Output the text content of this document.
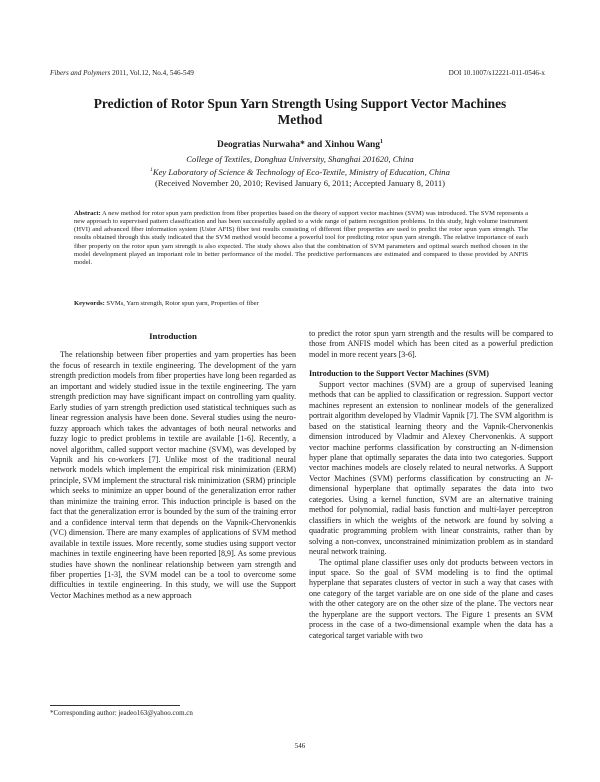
Fibers and Polymers 2011, Vol.12, No.4, 546-549	DOI 10.1007/s12221-011-0546-x
Prediction of Rotor Spun Yarn Strength Using Support Vector Machines Method
Deogratias Nurwaha* and Xinhou Wang$^1$
College of Textiles, Donghua University, Shanghai 201620, China
$^1$Key Laboratory of Science & Technology of Eco-Textile, Ministry of Education, China
(Received November 20, 2010; Revised January 6, 2011; Accepted January 8, 2011)
Abstract: A new method for rotor spun yarn prediction from fiber properties based on the theory of support vector machines (SVM) was introduced. The SVM represents a new approach to supervised pattern classification and has been successfully applied to a wide range of pattern recognition problems. In this study, high volume instrument (HVI) and advanced fiber information system (Uster AFIS) fiber test results consisting of different fiber properties are used to predict the rotor spun yarn strength. The results obtained through this study indicated that the SVM method would become a powerful tool for predicting rotor spun yarn strength. The relative importance of each fiber property on the rotor spun yarn strength is also expected. The study shows also that the combination of SVM parameters and optimal search method chosen in the model development played an important role in better performance of the model. The predictive performances are estimated and compared to those provided by ANFIS model.
Keywords: SVMs, Yarn strength, Rotor spun yarn, Properties of fiber
Introduction

The relationship between fiber properties and yarn properties has been the focus of research in textile engineering. The development of the yarn strength prediction models from fiber properties have long been regarded as an important and widely studied issue in the textile engineering. The yarn strength prediction may have significant impact on controlling yarn quality. Early studies of yarn strength prediction used statistical techniques such as linear regression analysis have been done. Several studies using the neuro-fuzzy approach which takes the advantages of both neural networks and fuzzy logic to predict problems in textile are available [1-6]. Recently, a novel algorithm, called support vector machine (SVM), was developed by Vapnik and his co-workers [7]. Unlike most of the traditional neural network models which implement the empirical risk minimization (ERM) principle, SVM implement the structural risk minimization (SRM) principle which seeks to minimize an upper bound of the generalization error rather than minimize the training error. This induction principle is based on the fact that the generalization error is bounded by the sum of the training error and a confidence interval term that depends on the Vapnik-Chervonenkis (VC) dimension. There are many examples of applications of SVM method available in textile issues. More recently, some studies using support vector machines in textile engineering have been reported [8,9]. As some previous studies have shown the nonlinear relationship between yarn strength and fiber properties [1-3], the SVM model can be a tool to overcome some difficulties in textile engineering. In this study, we will use the Support Vector Machines method as a new approach

to predict the rotor spun yarn strength and the results will be compared to those from ANFIS model which has been cited as a powerful prediction model in more recent years [3-6].

Introduction to the Support Vector Machines (SVM)

Support vector machines (SVM) are a group of supervised leaning methods that can be applied to classification or regression. Support vector machines represent an extension to nonlinear models of the generalized portrait algorithm developed by Vladmir Vapnik [7]. The SVM algorithm is based on the statistical learning theory and the Vapnik-Chervonenkis dimension introduced by Vladmir and Alexey Chervonenkis. A support vector machine performs classification by constructing an N-dimension hyper plane that optimally separates the data into two categories. Support vector machines models are closely related to neural networks. A Support Vector Machines (SVM) performs classification by constructing an N-dimensional hyperplane that optimally separates the data into two categories. Using a kernel function, SVM are an alternative training method for polynomial, radial basis function and multi-layer perceptron classifiers in which the weights of the network are found by solving a quadratic programming problem with linear constraints, rather than by solving a non-convex, unconstrained minimization problem as in standard neural network training.

The optimal plane classifier uses only dot products between vectors in input space. So the goal of SVM modeling is to find the optimal hyperplane that separates clusters of vector in such a way that cases with one category of the target variable are on one side of the plane and cases with the other category are on the other size of the plane. The vectors near the hyperplane are the support vectors. The Figure 1 presents an SVM process in the case of a two-dimensional example when the data has a categorical target variable with two

*Corresponding author: jeadeo163@yahoo.com.cn
546
